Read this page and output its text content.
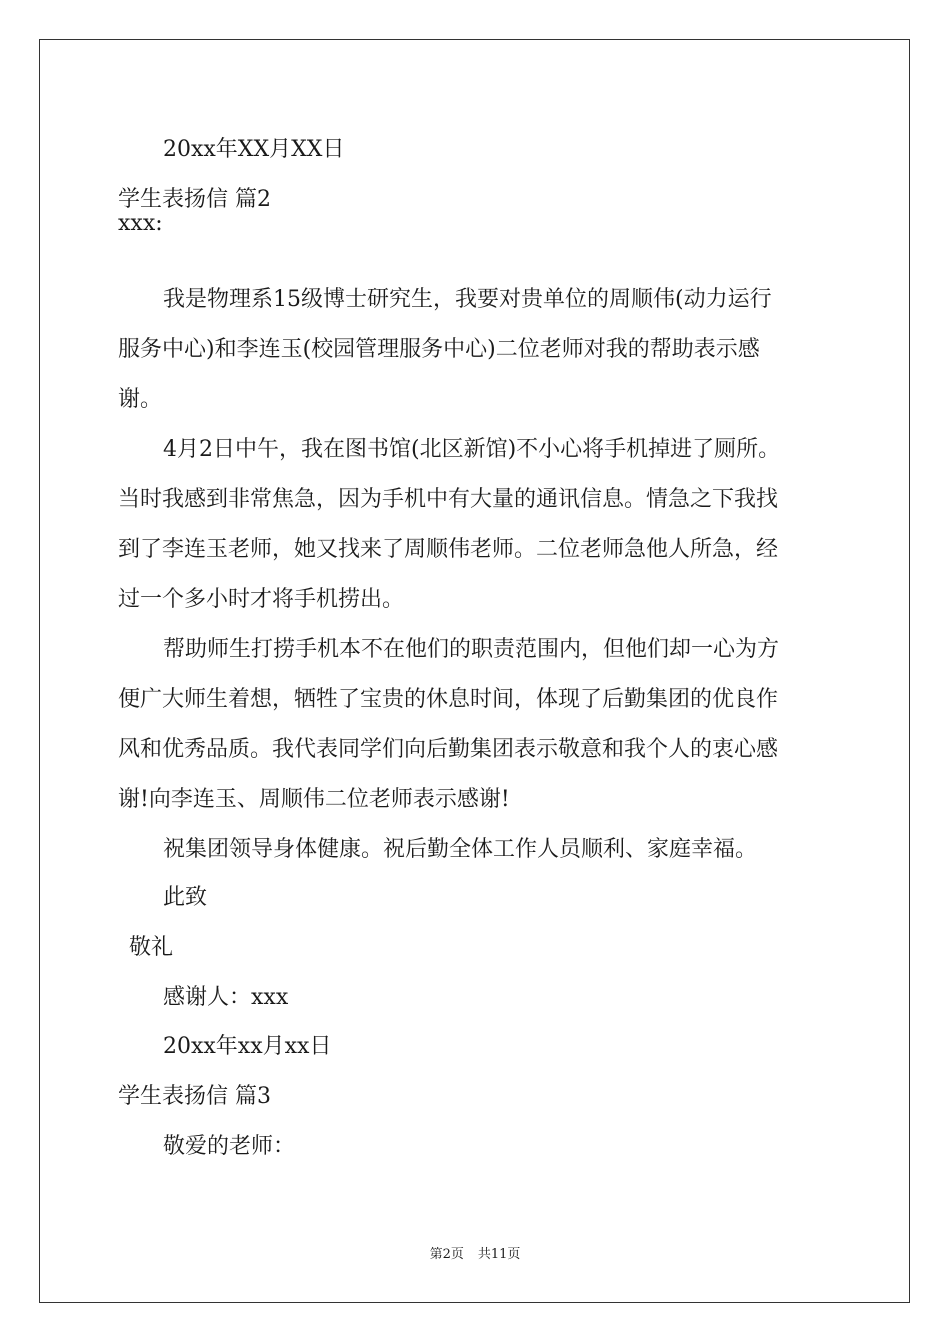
20xx年XX月XX日
学生表扬信 篇2
xxx:
我是物理系15级博士研究生，我要对贵单位的周顺伟(动力运行
服务中心)和李连玉(校园管理服务中心)二位老师对我的帮助表示感
谢。
4月2日中午，我在图书馆(北区新馆)不小心将手机掉进了厕所。
当时我感到非常焦急，因为手机中有大量的通讯信息。情急之下我找
到了李连玉老师，她又找来了周顺伟老师。二位老师急他人所急，经
过一个多小时才将手机捞出。
帮助师生打捞手机本不在他们的职责范围内，但他们却一心为方
便广大师生着想，牺牲了宝贵的休息时间，体现了后勤集团的优良作
风和优秀品质。我代表同学们向后勤集团表示敬意和我个人的衷心感
谢!向李连玉、周顺伟二位老师表示感谢!
祝集团领导身体健康。祝后勤全体工作人员顺利、家庭幸福。
此致
敬礼
感谢人：xxx
20xx年xx月xx日
学生表扬信 篇3
敬爱的老师：
第2页 共11页
